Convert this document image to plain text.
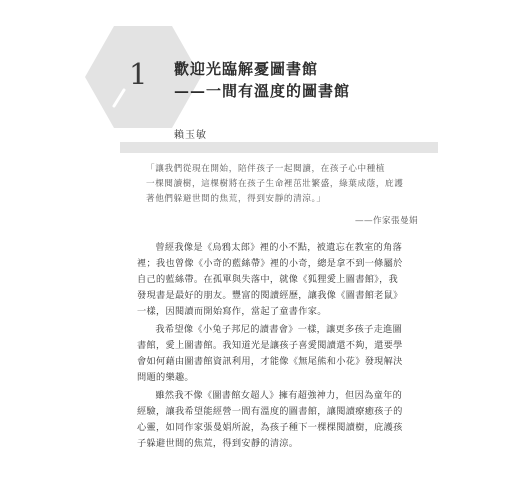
1 歡迎光臨解憂圖書館
——一間有溫度的圖書館
賴玉敏
「讓我們從現在開始，陪伴孩子一起閱讀，在孩子心中種植
一棵閱讀樹，這棵樹將在孩子生命裡茁壯繁盛，綠葉成蔭，庇護
著他們躲避世間的焦荒，得到安靜的清涼。」
——作家張曼娟
曾經我像是《烏鴉太郎》裡的小不點，被遺忘在教室的角落
裡；我也曾像《小奇的藍絲帶》裡的小奇，總是拿不到一條屬於
自己的藍絲帶。在孤單與失落中，就像《狐狸愛上圖書館》，我
發現書是最好的朋友。豐富的閱讀經歷，讓我像《圖書館老鼠》
一樣，因閱讀而開始寫作，當起了童書作家。
我希望像《小兔子邦尼的讀書會》一樣，讓更多孩子走進圖
書館，愛上圖書館。我知道光是讓孩子喜愛閱讀還不夠，還要學
會如何藉由圖書館資訊利用，才能像《無尾熊和小花》發現解決
問題的樂趣。
雖然我不像《圖書館女超人》擁有超強神力，但因為童年的
經驗，讓我希望能經營一間有溫度的圖書館，讓閱讀療癒孩子的
心靈，如同作家張曼娟所說，為孩子種下一棵棵閱讀樹，庇護孩
子躲避世間的焦荒，得到安靜的清涼。
